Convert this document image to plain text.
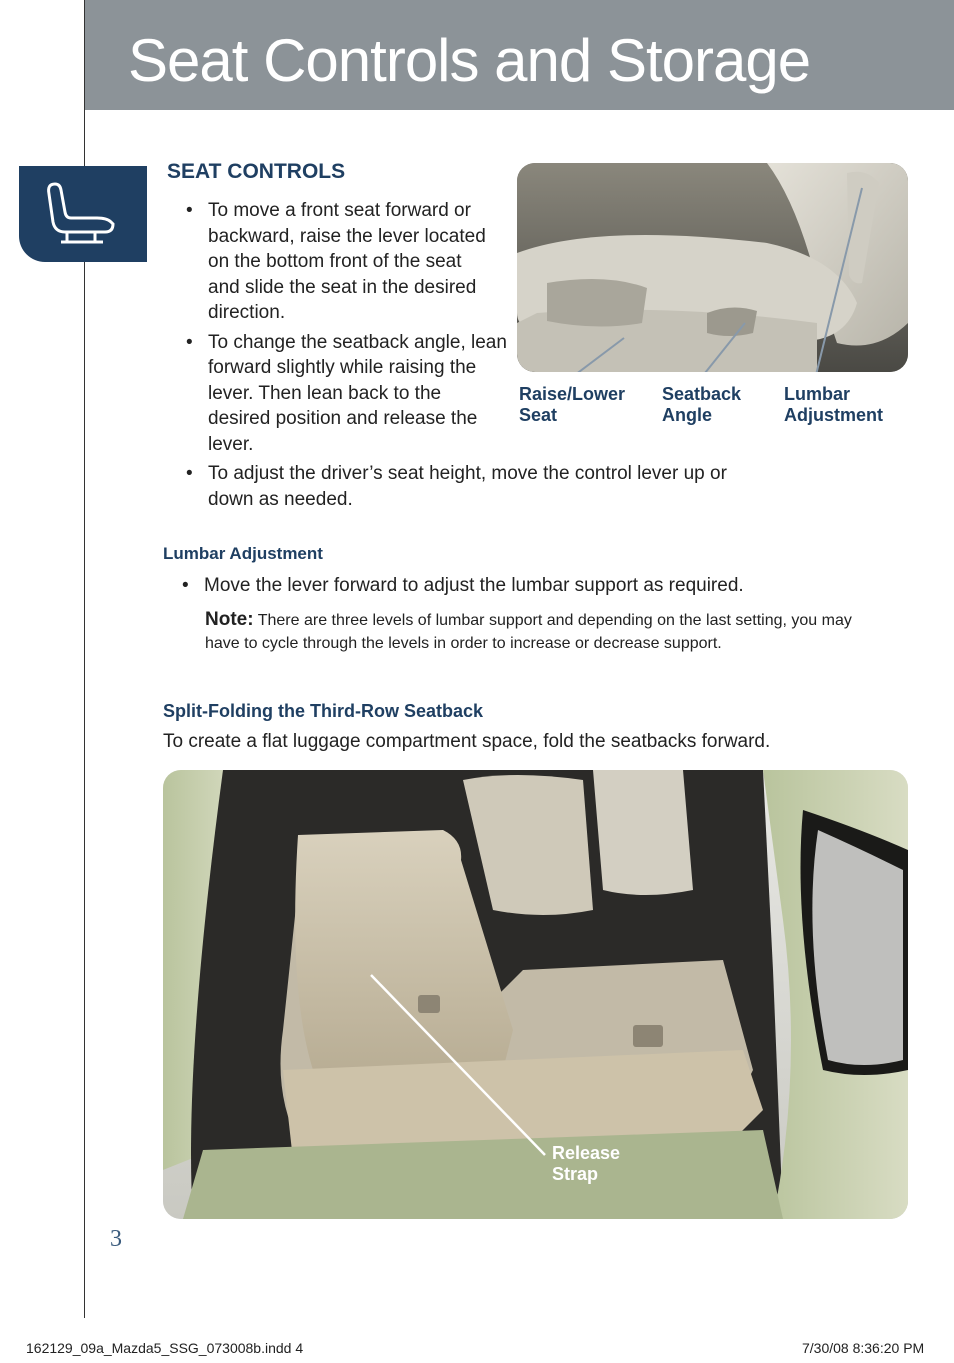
Seat Controls and Storage
SEAT CONTROLS
• To move a front seat forward or backward, raise the lever located on the bottom front of the seat and slide the seat in the desired direction.
• To change the seatback angle, lean forward slightly while raising the lever. Then lean back to the desired position and release the lever.
• To adjust the driver’s seat height, move the control lever up or down as needed.
Raise/Lower
Seat
Seatback
Angle
Lumbar
Adjustment
Lumbar Adjustment
• Move the lever forward to adjust the lumbar support as required.
Note: There are three levels of lumbar support and depending on the last setting, you may have to cycle through the levels in order to increase or decrease support.
Split-Folding the Third-Row Seatback
To create a flat luggage compartment space, fold the seatbacks forward.
Release
Strap
3
162129_09a_Mazda5_SSG_073008b.indd 4	7/30/08 8:36:20 PM
